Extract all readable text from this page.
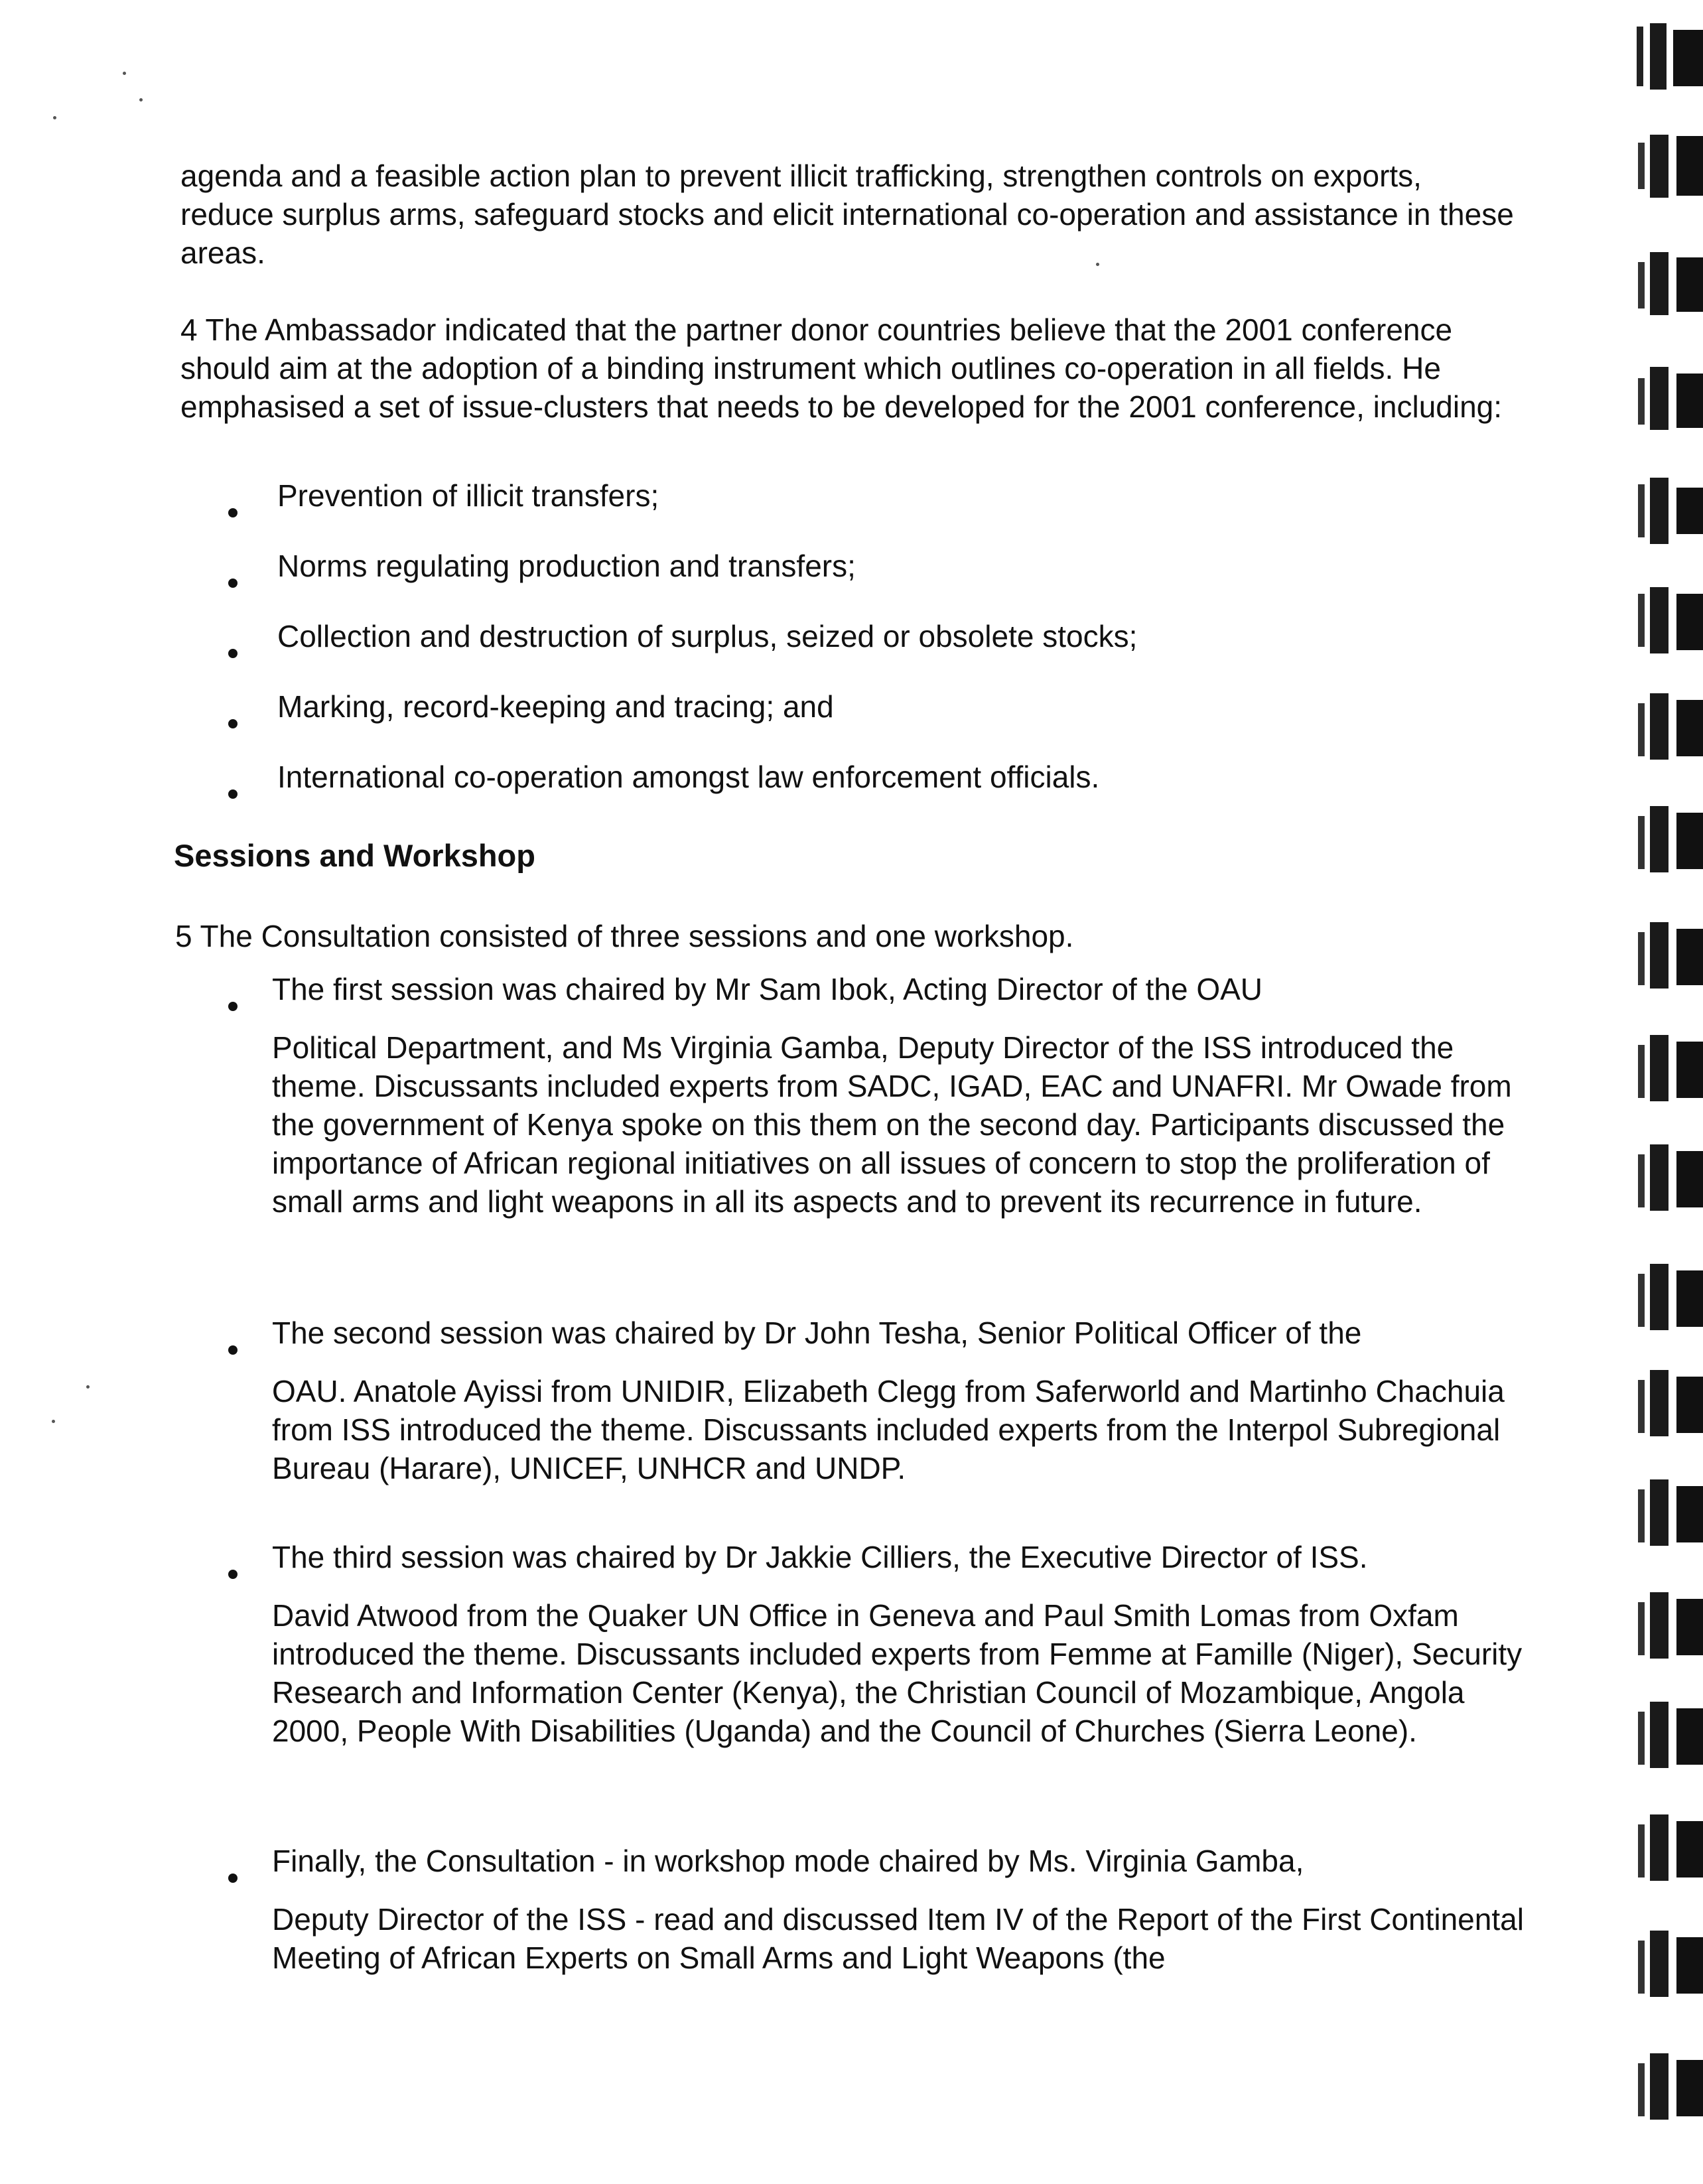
agenda and a feasible action plan to prevent illicit trafficking, strengthen controls on exports, reduce surplus arms, safeguard stocks and elicit international co-operation and assistance in these areas.

4 The Ambassador indicated that the partner donor countries believe that the 2001 conference should aim at the adoption of a binding instrument which outlines co-operation in all fields. He emphasised a set of issue-clusters that needs to be developed for the 2001 conference, including:

Prevention of illicit transfers;
Norms regulating production and transfers;
Collection and destruction of surplus, seized or obsolete stocks;
Marking, record-keeping and tracing; and
International co-operation amongst law enforcement officials.
Sessions and Workshop

5 The Consultation consisted of three sessions and one workshop.

The first session was chaired by Mr Sam Ibok, Acting Director of the OAU
Political Department, and Ms Virginia Gamba, Deputy Director of the ISS introduced the theme. Discussants included experts from SADC, IGAD, EAC and UNAFRI. Mr Owade from the government of Kenya spoke on this them on the second day. Participants discussed the importance of African regional initiatives on all issues of concern to stop the proliferation of small arms and light weapons in all its aspects and to prevent its recurrence in future.
The second session was chaired by Dr John Tesha, Senior Political Officer of the
OAU. Anatole Ayissi from UNIDIR, Elizabeth Clegg from Saferworld and Martinho Chachuia from ISS introduced the theme. Discussants included experts from the Interpol Subregional Bureau (Harare), UNICEF, UNHCR and UNDP.
The third session was chaired by Dr Jakkie Cilliers, the Executive Director of ISS.
David Atwood from the Quaker UN Office in Geneva and Paul Smith Lomas from Oxfam introduced the theme. Discussants included experts from Femme at Famille (Niger), Security Research and Information Center (Kenya), the Christian Council of Mozambique, Angola 2000, People With Disabilities (Uganda) and the Council of Churches (Sierra Leone).
Finally, the Consultation - in workshop mode chaired by Ms. Virginia Gamba,
Deputy Director of the ISS - read and discussed Item IV of the Report of the First Continental Meeting of African Experts on Small Arms and Light Weapons (the
